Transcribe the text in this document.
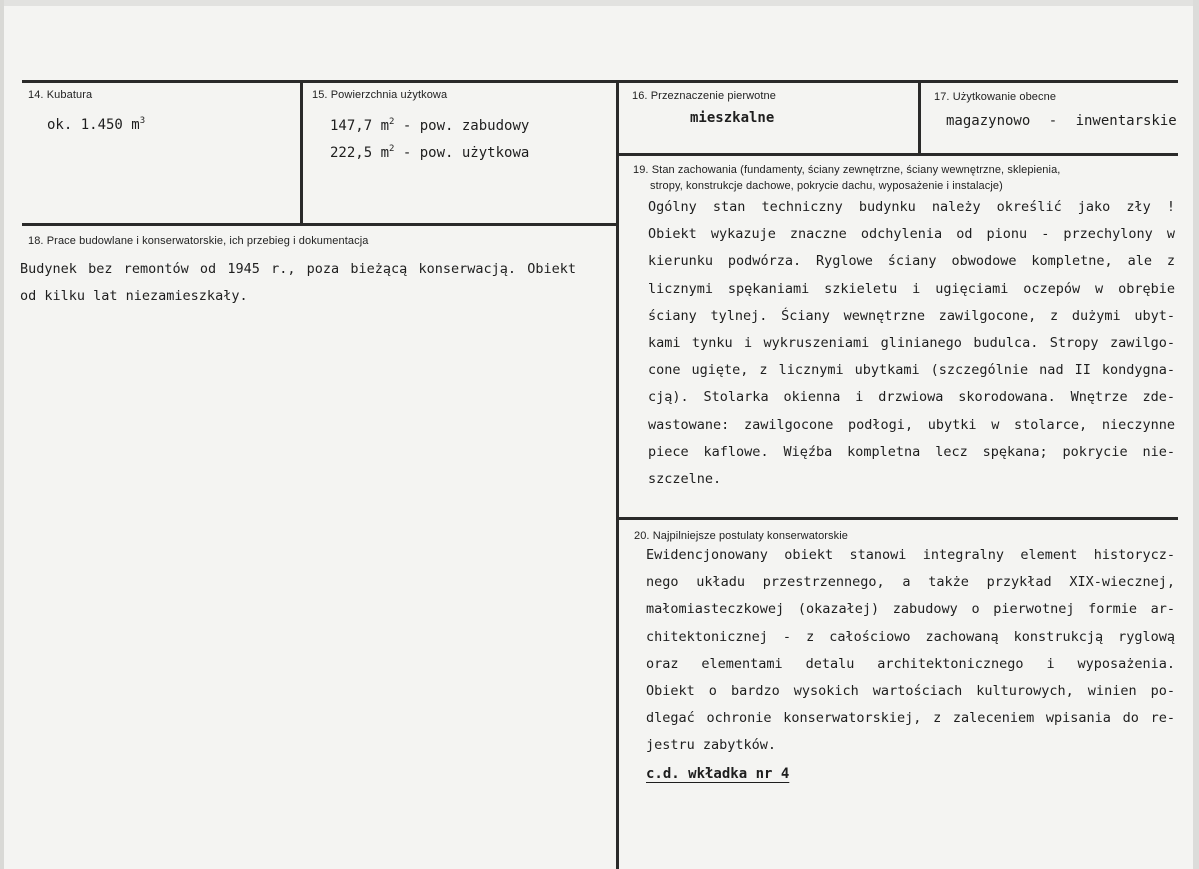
14. Kubatura
ok. 1.450 $m^3$
15. Powierzchnia użytkowa
147,7 $m^2$ - pow. zabudowy
222,5 $m^2$ - pow. użytkowa
16. Przeznaczenie pierwotne
mieszkalne
17. Użytkowanie obecne
magazynowo - inwentarskie
18. Prace budowlane i konserwatorskie, ich przebieg i dokumentacja
Budynek bez remontów od 1945 r., poza bieżącą konserwacją. Obiekt
od kilku lat niezamieszkały.
19. Stan zachowania (fundamenty, ściany zewnętrzne, ściany wewnętrzne, sklepienia,
stropy, konstrukcje dachowe, pokrycie dachu, wyposażenie i instalacje)
Ogólny stan techniczny budynku należy określić jako zły !
Obiekt wykazuje znaczne odchylenia od pionu - przechylony w
kierunku podwórza. Ryglowe ściany obwodowe kompletne, ale z
licznymi spękaniami szkieletu i ugięciami oczepów w obrębie
ściany tylnej. Ściany wewnętrzne zawilgocone, z dużymi ubyt-
kami tynku i wykruszeniami glinianego budulca. Stropy zawilgo-
cone ugięte, z licznymi ubytkami (szczególnie nad II kondygna-
cją). Stolarka okienna i drzwiowa skorodowana. Wnętrze zde-
wastowane: zawilgocone podłogi, ubytki w stolarce, nieczynne
piece kaflowe. Więźba kompletna lecz spękana; pokrycie nie-
szczelne.
20. Najpilniejsze postulaty konserwatorskie
Ewidencjonowany obiekt stanowi integralny element historycz-
nego układu przestrzennego, a także przykład XIX-wiecznej,
małomiasteczkowej (okazałej) zabudowy o pierwotnej formie ar-
chitektonicznej - z całościowo zachowaną konstrukcją ryglową
oraz elementami detalu architektonicznego i wyposażenia.
Obiekt o bardzo wysokich wartościach kulturowych, winien po-
dlegać ochronie konserwatorskiej, z zaleceniem wpisania do re-
jestru zabytków.
c.d. wkładka nr 4
